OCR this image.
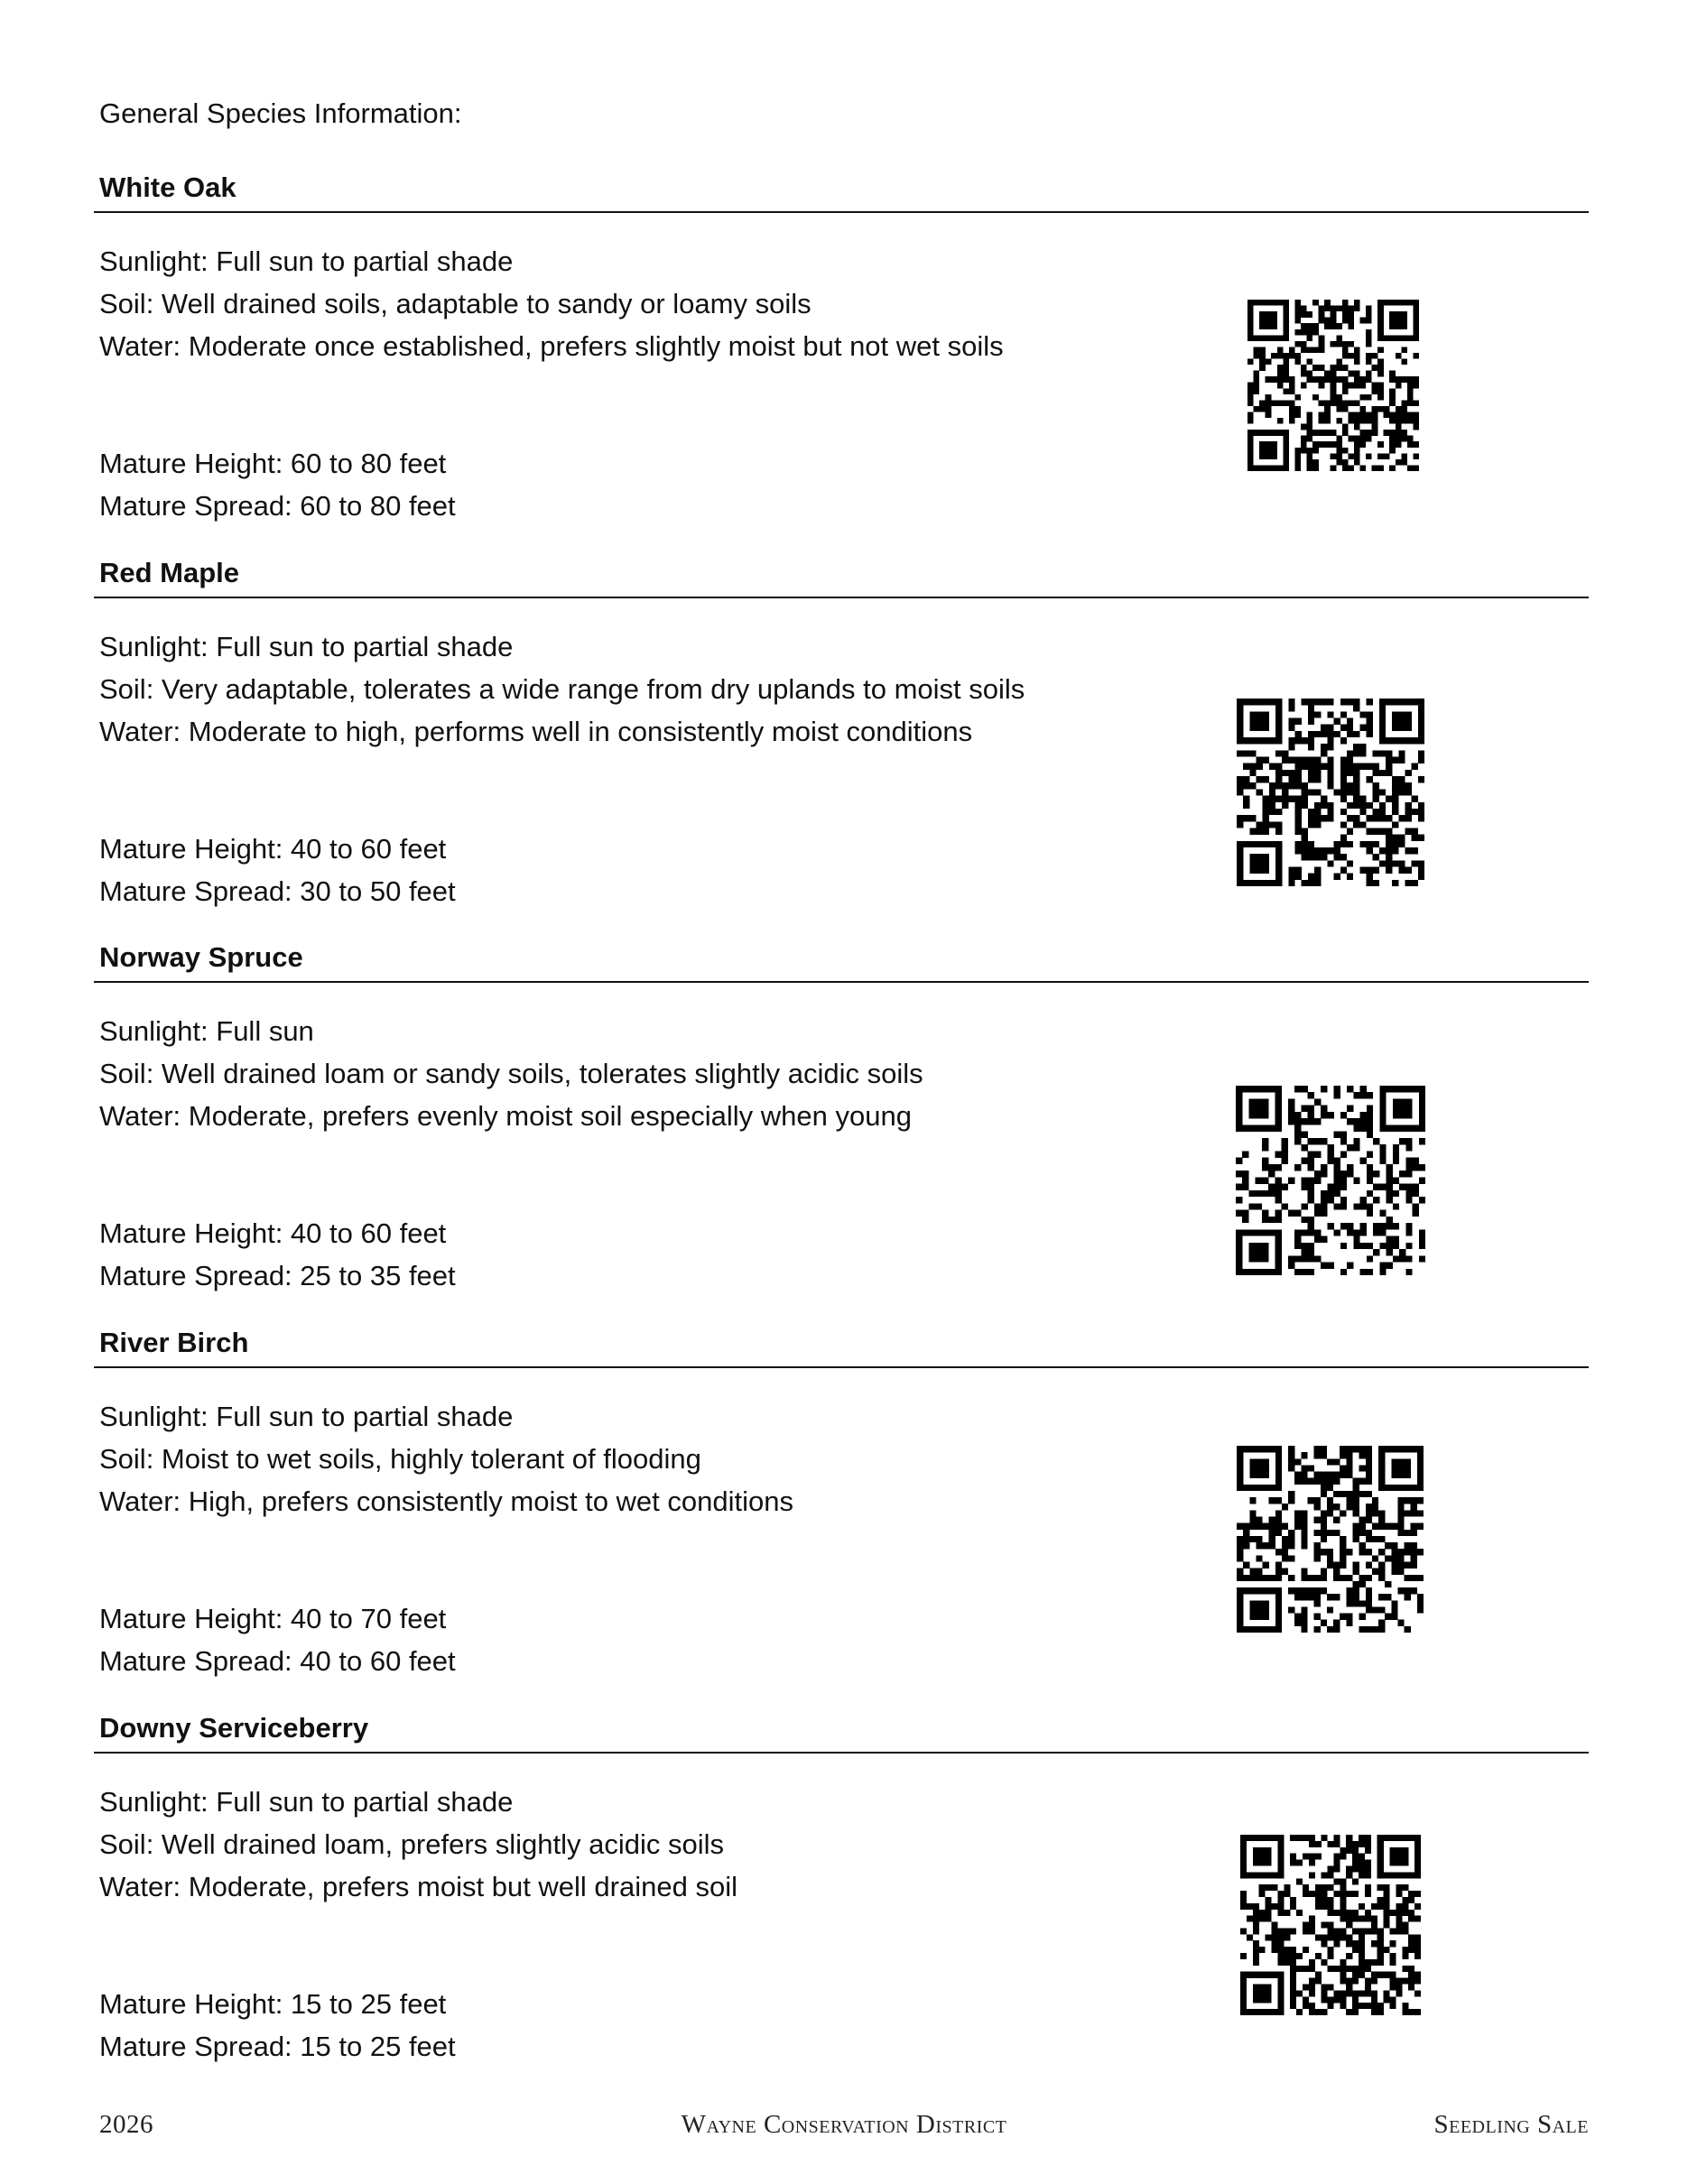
General Species Information:
White Oak
Sunlight: Full sun to partial shade
Soil: Well drained soils, adaptable to sandy or loamy soils
Water: Moderate once established, prefers slightly moist but not wet soils
Mature Height: 60 to 80 feet
Mature Spread: 60 to 80 feet
Red Maple
Sunlight: Full sun to partial shade
Soil: Very adaptable, tolerates a wide range from dry uplands to moist soils
Water: Moderate to high, performs well in consistently moist conditions
Mature Height: 40 to 60 feet
Mature Spread: 30 to 50 feet
Norway Spruce
Sunlight: Full sun
Soil: Well drained loam or sandy soils, tolerates slightly acidic soils
Water: Moderate, prefers evenly moist soil especially when young
Mature Height: 40 to 60 feet
Mature Spread: 25 to 35 feet
River Birch
Sunlight: Full sun to partial shade
Soil: Moist to wet soils, highly tolerant of flooding
Water: High, prefers consistently moist to wet conditions
Mature Height: 40 to 70 feet
Mature Spread: 40 to 60 feet
Downy Serviceberry
Sunlight: Full sun to partial shade
Soil: Well drained loam, prefers slightly acidic soils
Water: Moderate, prefers moist but well drained soil
Mature Height: 15 to 25 feet
Mature Spread: 15 to 25 feet
2026	Wayne Conservation District	Seedling Sale
